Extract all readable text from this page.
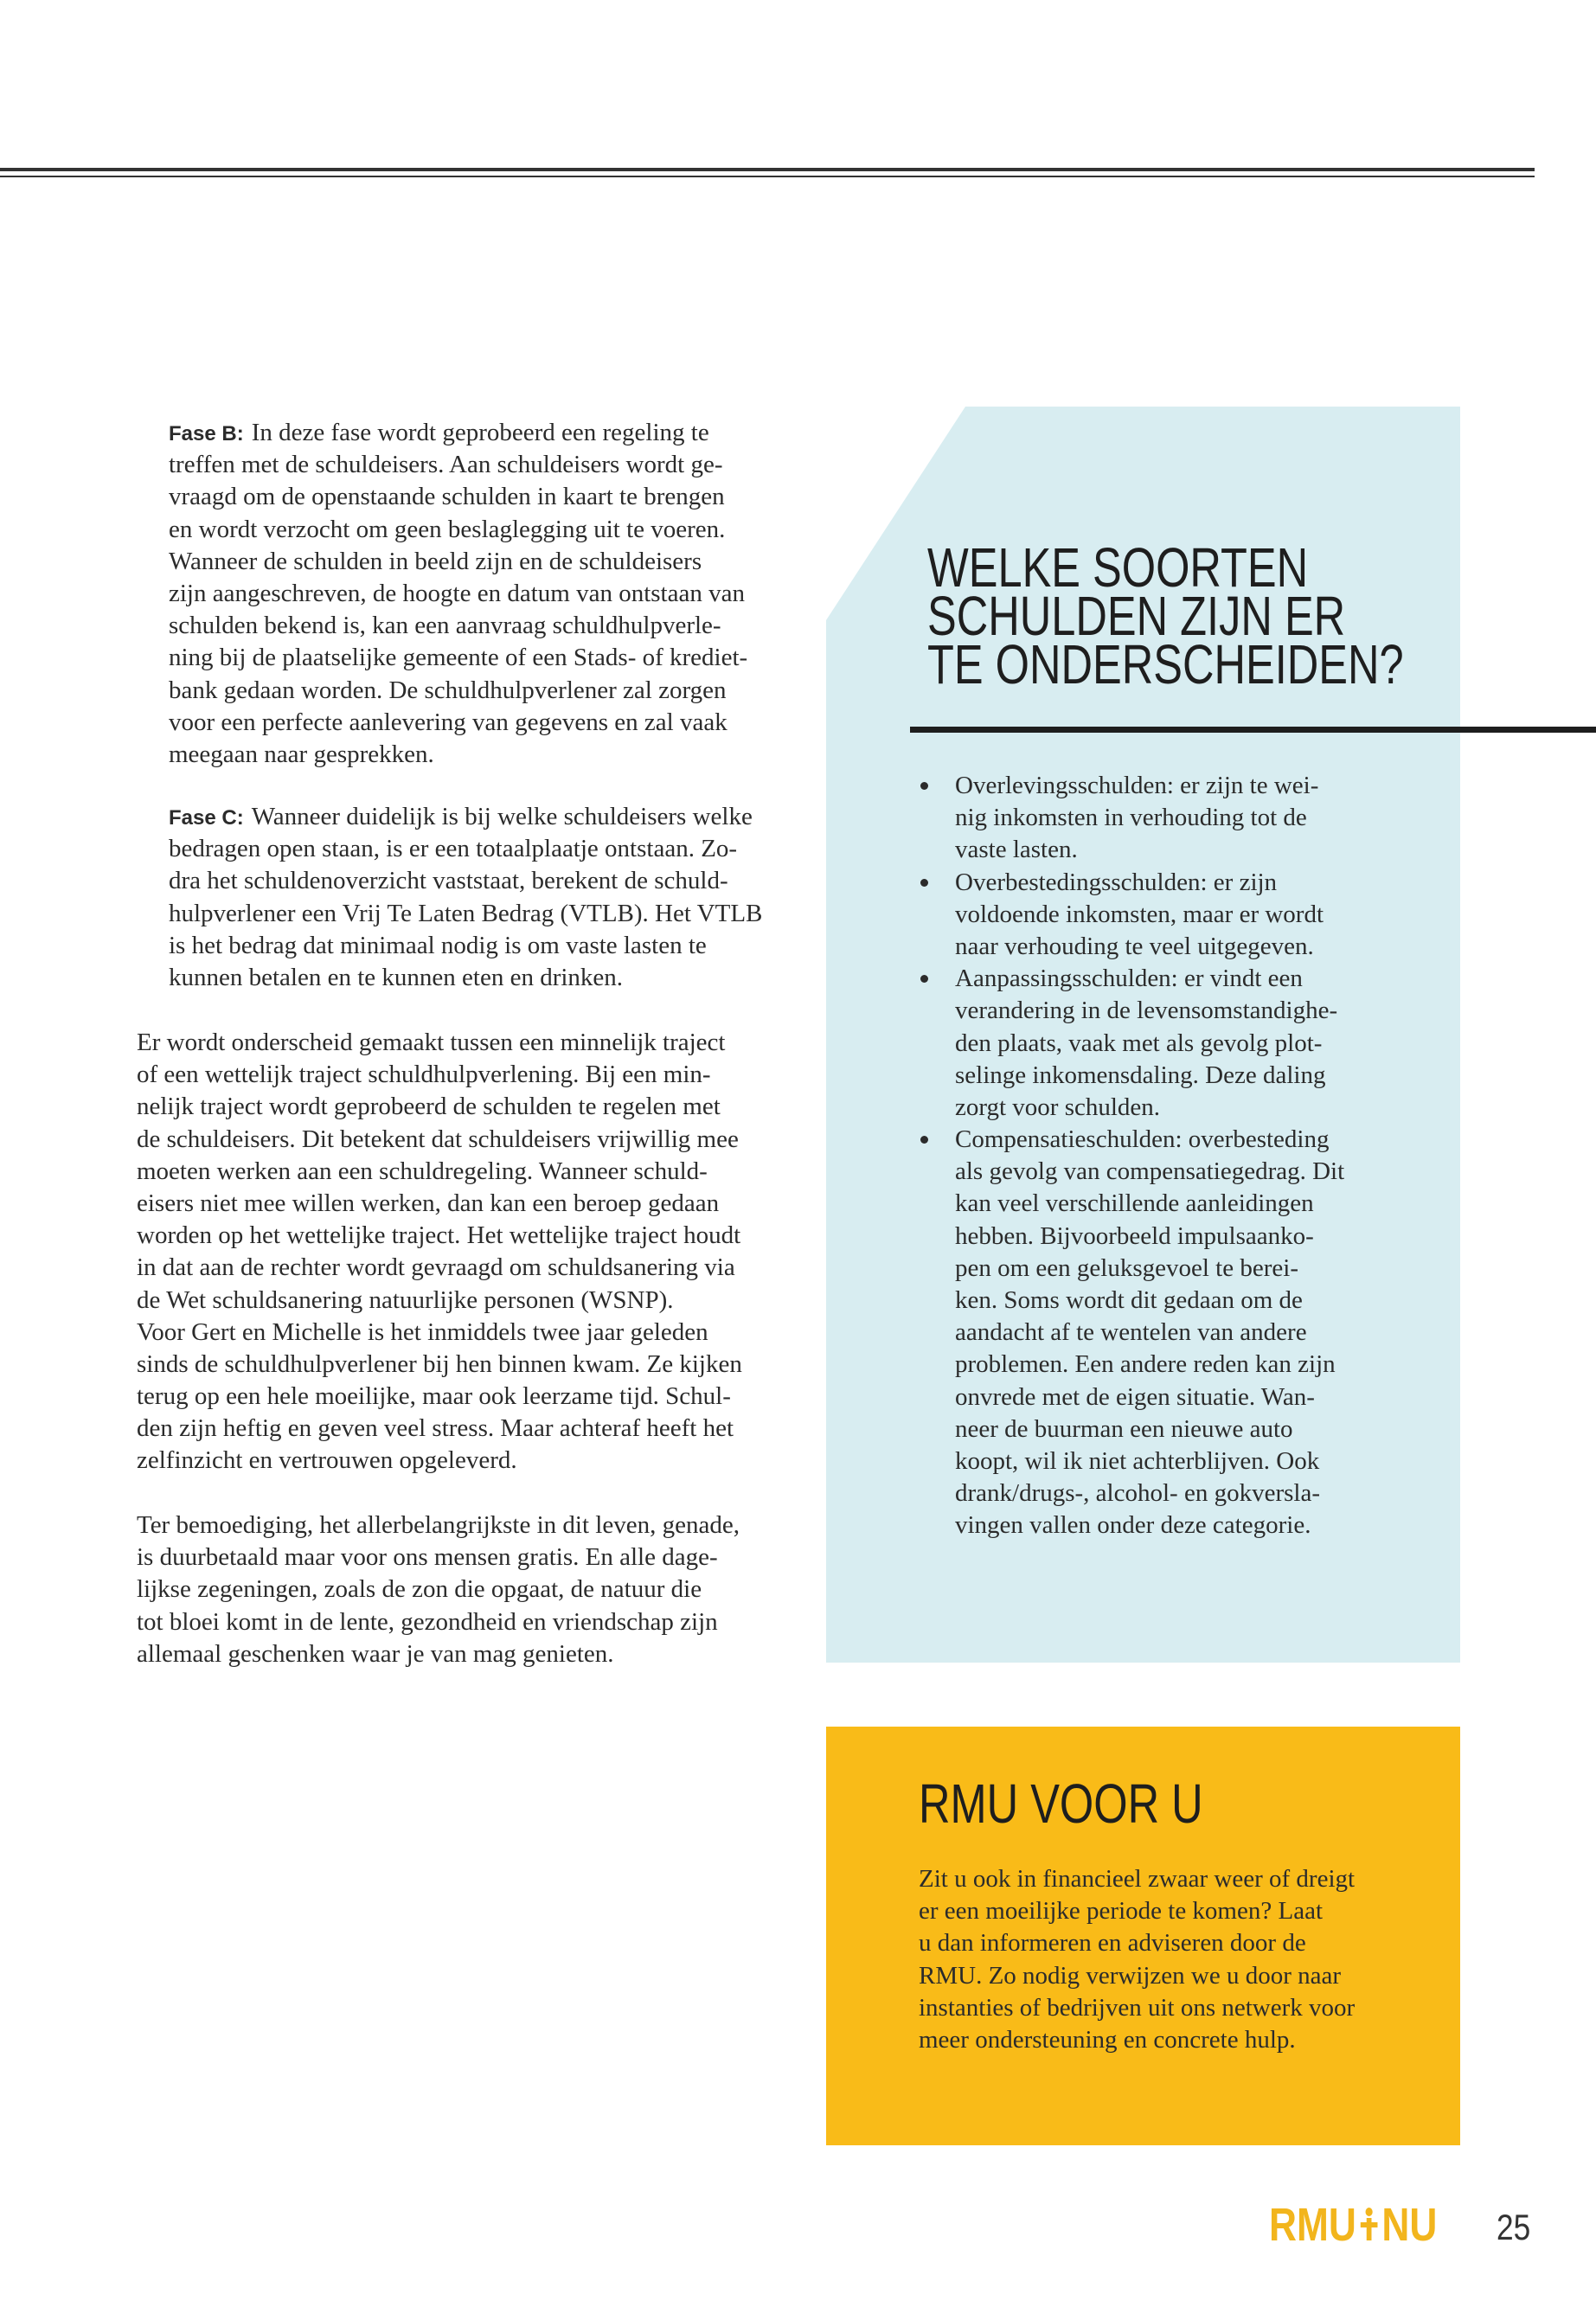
Fase B: In deze fase wordt geprobeerd een regeling te
treffen met de schuldeisers. Aan schuldeisers wordt ge-
vraagd om de openstaande schulden in kaart te brengen
en wordt verzocht om geen beslaglegging uit te voeren.
Wanneer de schulden in beeld zijn en de schuldeisers
zijn aangeschreven, de hoogte en datum van ontstaan van
schulden bekend is, kan een aanvraag schuldhulpverle-
ning bij de plaatselijke gemeente of een Stads- of krediet-
bank gedaan worden. De schuldhulpverlener zal zorgen
voor een perfecte aanlevering van gegevens en zal vaak
meegaan naar gesprekken.
Fase C: Wanneer duidelijk is bij welke schuldeisers welke
bedragen open staan, is er een totaalplaatje ontstaan. Zo-
dra het schuldenoverzicht vaststaat, berekent de schuld-
hulpverlener een Vrij Te Laten Bedrag (VTLB). Het VTLB
is het bedrag dat minimaal nodig is om vaste lasten te
kunnen betalen en te kunnen eten en drinken.
Er wordt onderscheid gemaakt tussen een minnelijk traject
of een wettelijk traject schuldhulpverlening. Bij een min-
nelijk traject wordt geprobeerd de schulden te regelen met
de schuldeisers. Dit betekent dat schuldeisers vrijwillig mee
moeten werken aan een schuldregeling. Wanneer schuld-
eisers niet mee willen werken, dan kan een beroep gedaan
worden op het wettelijke traject. Het wettelijke traject houdt
in dat aan de rechter wordt gevraagd om schuldsanering via
de Wet schuldsanering natuurlijke personen (WSNP).
Voor Gert en Michelle is het inmiddels twee jaar geleden
sinds de schuldhulpverlener bij hen binnen kwam. Ze kijken
terug op een hele moeilijke, maar ook leerzame tijd. Schul-
den zijn heftig en geven veel stress. Maar achteraf heeft het
zelfinzicht en vertrouwen opgeleverd.
Ter bemoediging, het allerbelangrijkste in dit leven, genade,
is duurbetaald maar voor ons mensen gratis. En alle dage-
lijkse zegeningen, zoals de zon die opgaat, de natuur die
tot bloei komt in de lente, gezondheid en vriendschap zijn
allemaal geschenken waar je van mag genieten.
WELKE SOORTEN
SCHULDEN ZIJN ER
TE ONDERSCHEIDEN?
Overlevingsschulden: er zijn te wei-
nig inkomsten in verhouding tot de
vaste lasten.
Overbestedingsschulden: er zijn
voldoende inkomsten, maar er wordt
naar verhouding te veel uitgegeven.
Aanpassingsschulden: er vindt een
verandering in de levensomstandighe-
den plaats, vaak met als gevolg plot-
selinge inkomensdaling. Deze daling
zorgt voor schulden.
Compensatieschulden: overbesteding
als gevolg van compensatiegedrag. Dit
kan veel verschillende aanleidingen
hebben. Bijvoorbeeld impulsaanko-
pen om een geluksgevoel te berei-
ken. Soms wordt dit gedaan om de
aandacht af te wentelen van andere
problemen. Een andere reden kan zijn
onvrede met de eigen situatie. Wan-
neer de buurman een nieuwe auto
koopt, wil ik niet achterblijven. Ook
drank/drugs-, alcohol- en gokversla-
vingen vallen onder deze categorie.
RMU VOOR U
Zit u ook in financieel zwaar weer of dreigt
er een moeilijke periode te komen? Laat
u dan informeren en adviseren door de
RMU. Zo nodig verwijzen we u door naar
instanties of bedrijven uit ons netwerk voor
meer ondersteuning en concrete hulp.
RMU NU 25
